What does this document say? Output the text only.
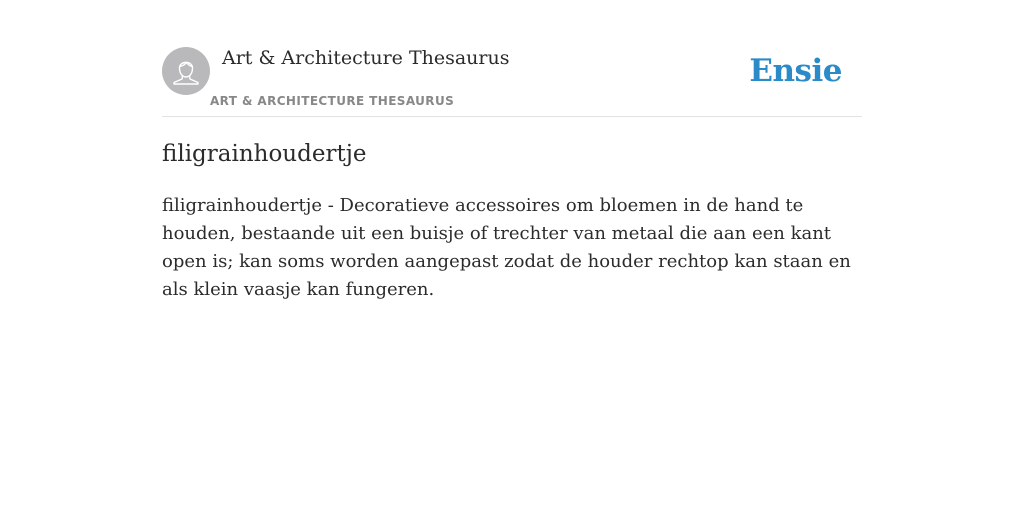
Art & Architecture Thesaurus
ART & ARCHITECTURE THESAURUS
Ensie
filigrainhoudertje

filigrainhoudertje - Decoratieve accessoires om bloemen in de hand te houden, bestaande uit een buisje of trechter van metaal die aan een kant open is; kan soms worden aangepast zodat de houder rechtop kan staan en als klein vaasje kan fungeren.
